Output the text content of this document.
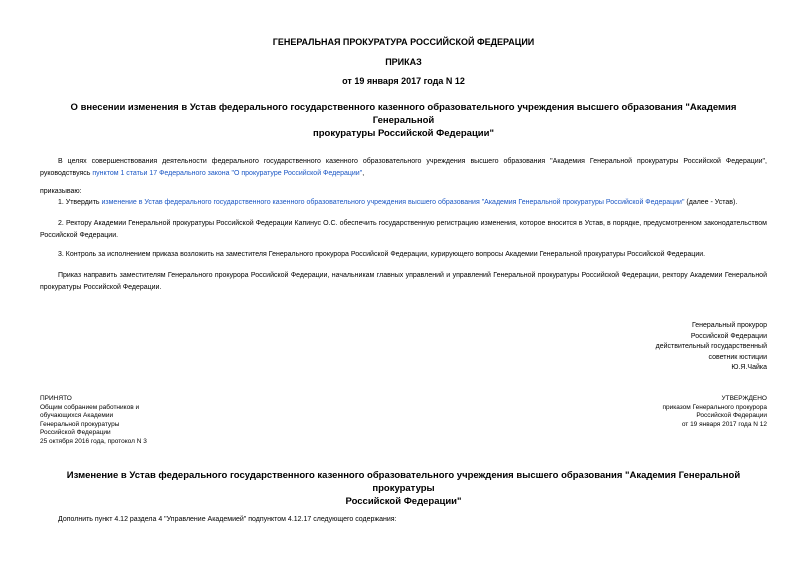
ГЕНЕРАЛЬНАЯ ПРОКУРАТУРА РОССИЙСКОЙ ФЕДЕРАЦИИ
ПРИКАЗ
от 19 января 2017 года N 12
О внесении изменения в Устав федерального государственного казенного образовательного учреждения высшего образования "Академия Генеральной
прокуратуры Российской Федерации"
В целях совершенствования деятельности федерального государственного казенного образовательного учреждения высшего образования "Академия Генеральной прокуратуры Российской Федерации", руководствуясь пунктом 1 статьи 17 Федерального закона "О прокуратуре Российской Федерации",
приказываю:
1. Утвердить изменение в Устав федерального государственного казенного образовательного учреждения высшего образования "Академия Генеральной прокуратуры Российской Федерации" (далее - Устав).
2. Ректору Академии Генеральной прокуратуры Российской Федерации Капинус О.С. обеспечить государственную регистрацию изменения, которое вносится в Устав, в порядке, предусмотренном законодательством Российской Федерации.
3. Контроль за исполнением приказа возложить на заместителя Генерального прокурора Российской Федерации, курирующего вопросы Академии Генеральной прокуратуры Российской Федерации.
Приказ направить заместителям Генерального прокурора Российской Федерации, начальникам главных управлений и управлений Генеральной прокуратуры Российской Федерации, ректору Академии Генеральной прокуратуры Российской Федерации.
Генеральный прокурор
Российской Федерации
действительный государственный
советник юстиции
Ю.Я.Чайка
ПРИНЯТО
Общим собранием работников и
обучающихся Академии
Генеральной прокуратуры
Российской Федерации
25 октября 2016 года, протокол N 3
УТВЕРЖДЕНО
приказом Генерального прокурора
Российской Федерации
от 19 января 2017 года N 12
Изменение в Устав федерального государственного казенного образовательного учреждения высшего образования "Академия Генеральной прокуратуры
Российской Федерации"
Дополнить пункт 4.12 раздела 4 "Управление Академией" подпунктом 4.12.17 следующего содержания:
